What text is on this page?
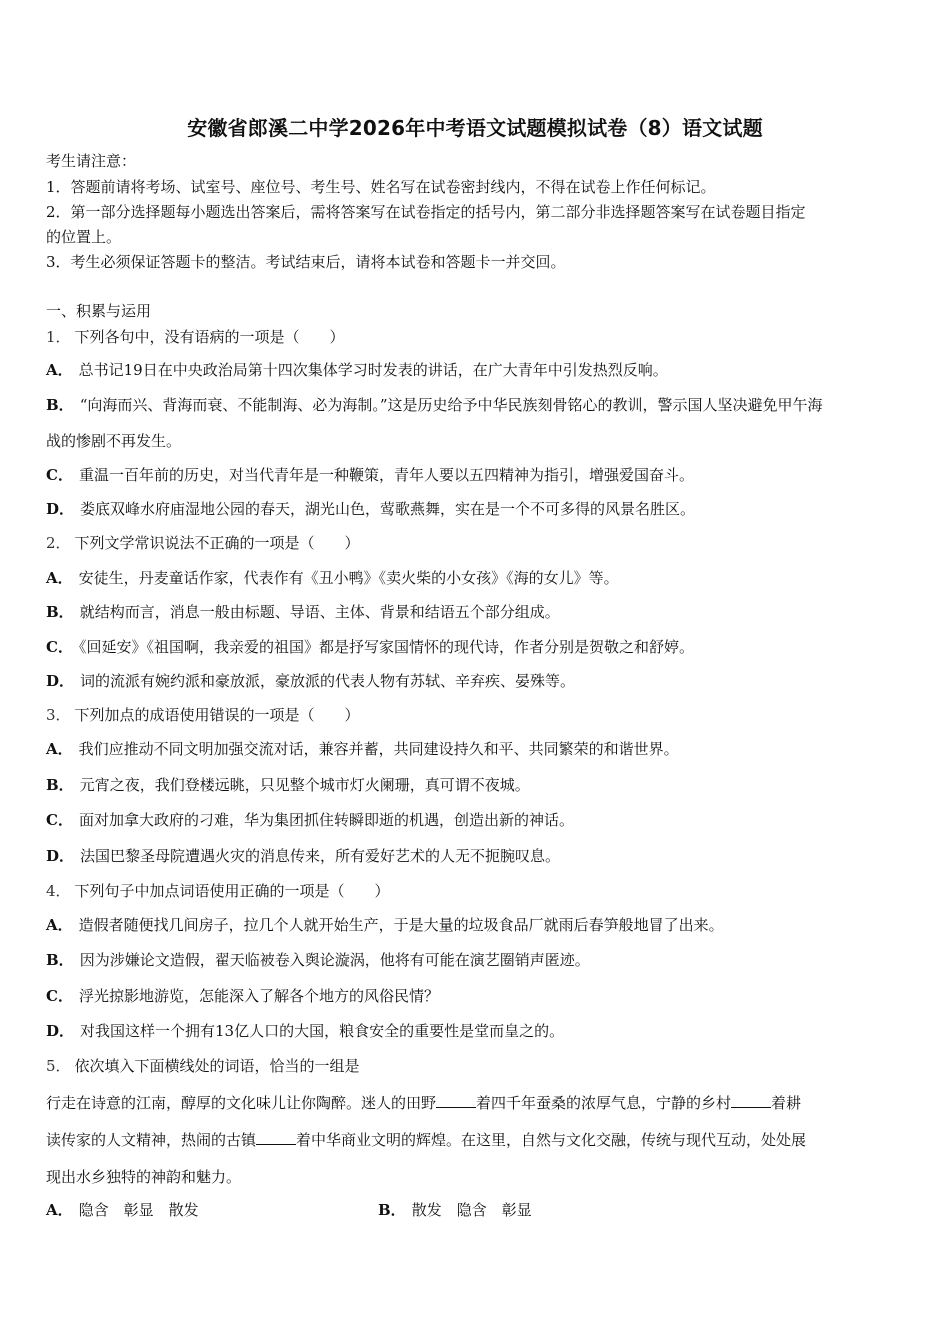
安徽省郎溪二中学2026年中考语文试题模拟试卷（8）语文试题
考生请注意：
1．答题前请将考场、试室号、座位号、考生号、姓名写在试卷密封线内，不得在试卷上作任何标记。
2．第一部分选择题每小题选出答案后，需将答案写在试卷指定的括号内，第二部分非选择题答案写在试卷题目指定
的位置上。
3．考生必须保证答题卡的整洁。考试结束后，请将本试卷和答题卡一并交回。
一、积累与运用
1． 下列各句中，没有语病的一项是（　　）
A． 总书记19日在中央政治局第十四次集体学习时发表的讲话，在广大青年中引发热烈反响。
B． “向海而兴、背海而衰、不能制海、必为海制。”这是历史给予中华民族刻骨铭心的教训，警示国人坚决避免甲午海
战的惨剧不再发生。
C． 重温一百年前的历史，对当代青年是一种鞭策，青年人要以五四精神为指引，增强爱国奋斗。
D． 娄底双峰水府庙湿地公园的春天，湖光山色，莺歌燕舞，实在是一个不可多得的风景名胜区。
2． 下列文学常识说法不正确的一项是（　　）
A． 安徒生，丹麦童话作家，代表作有《丑小鸭》《卖火柴的小女孩》《海的女儿》等。
B． 就结构而言，消息一般由标题、导语、主体、背景和结语五个部分组成。
C． 《回延安》《祖国啊，我亲爱的祖国》都是抒写家国情怀的现代诗，作者分别是贺敬之和舒婷。
D． 词的流派有婉约派和豪放派，豪放派的代表人物有苏轼、辛弃疾、晏殊等。
3． 下列加点的成语使用错误的一项是（　　）
A． 我们应推动不同文明加强交流对话，兼容并蓄，共同建设持久和平、共同繁荣的和谐世界。
B． 元宵之夜，我们登楼远眺，只见整个城市灯火阑珊，真可谓不夜城。
C． 面对加拿大政府的刁难，华为集团抓住转瞬即逝的机遇，创造出新的神话。
D． 法国巴黎圣母院遭遇火灾的消息传来，所有爱好艺术的人无不扼腕叹息。
4． 下列句子中加点词语使用正确的一项是（　　）
A． 造假者随便找几间房子，拉几个人就开始生产，于是大量的垃圾食品厂就雨后春笋般地冒了出来。
B． 因为涉嫌论文造假，翟天临被卷入舆论漩涡，他将有可能在演艺圈销声匿迹。
C． 浮光掠影地游览，怎能深入了解各个地方的风俗民情？
D． 对我国这样一个拥有13亿人口的大国，粮食安全的重要性是堂而皇之的。
5． 依次填入下面横线处的词语，恰当的一组是
行走在诗意的江南，醇厚的文化味儿让你陶醉。迷人的田野	着四千年蚕桑的浓厚气息，宁静的乡村	着耕
读传家的人文精神，热闹的古镇	着中华商业文明的辉煌。在这里，自然与文化交融，传统与现代互动，处处展
现出水乡独特的神韵和魅力。
A． 隐含　彰显　散发	B． 散发　隐含　彰显
